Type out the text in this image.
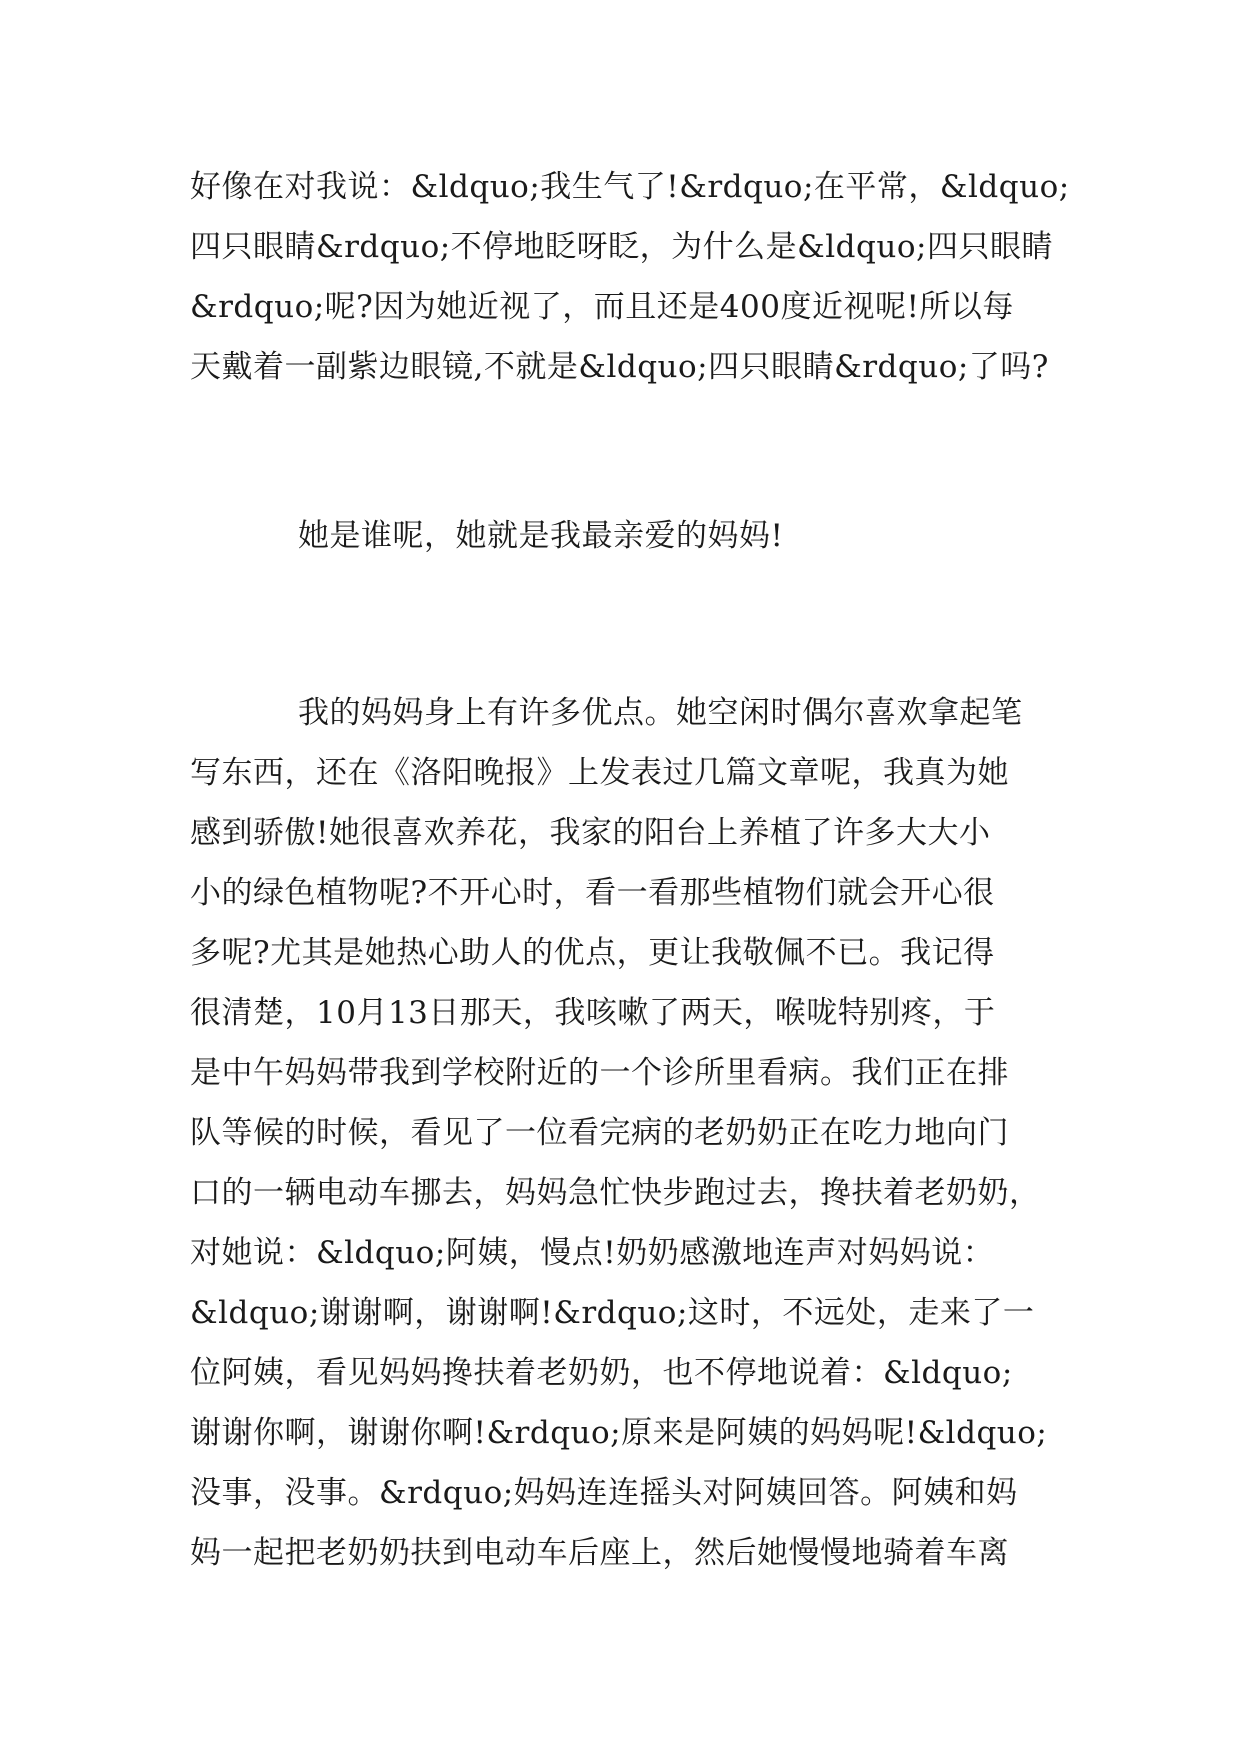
好像在对我说：&ldquo;我生气了!&rdquo;在平常，&ldquo;
四只眼睛&rdquo;不停地眨呀眨，为什么是&ldquo;四只眼睛
&rdquo;呢?因为她近视了，而且还是400度近视呢!所以每
天戴着一副紫边眼镜,不就是&ldquo;四只眼睛&rdquo;了吗?
她是谁呢，她就是我最亲爱的妈妈!
我的妈妈身上有许多优点。她空闲时偶尔喜欢拿起笔
写东西，还在《洛阳晚报》上发表过几篇文章呢，我真为她
感到骄傲!她很喜欢养花，我家的阳台上养植了许多大大小
小的绿色植物呢?不开心时，看一看那些植物们就会开心很
多呢?尤其是她热心助人的优点，更让我敬佩不已。我记得
很清楚，10月13日那天，我咳嗽了两天，喉咙特别疼，于
是中午妈妈带我到学校附近的一个诊所里看病。我们正在排
队等候的时候，看见了一位看完病的老奶奶正在吃力地向门
口的一辆电动车挪去，妈妈急忙快步跑过去，搀扶着老奶奶，
对她说：&ldquo;阿姨，慢点!奶奶感激地连声对妈妈说：
&ldquo;谢谢啊，谢谢啊!&rdquo;这时，不远处，走来了一
位阿姨，看见妈妈搀扶着老奶奶，也不停地说着：&ldquo;
谢谢你啊，谢谢你啊!&rdquo;原来是阿姨的妈妈呢!&ldquo;
没事，没事。&rdquo;妈妈连连摇头对阿姨回答。阿姨和妈
妈一起把老奶奶扶到电动车后座上，然后她慢慢地骑着车离
